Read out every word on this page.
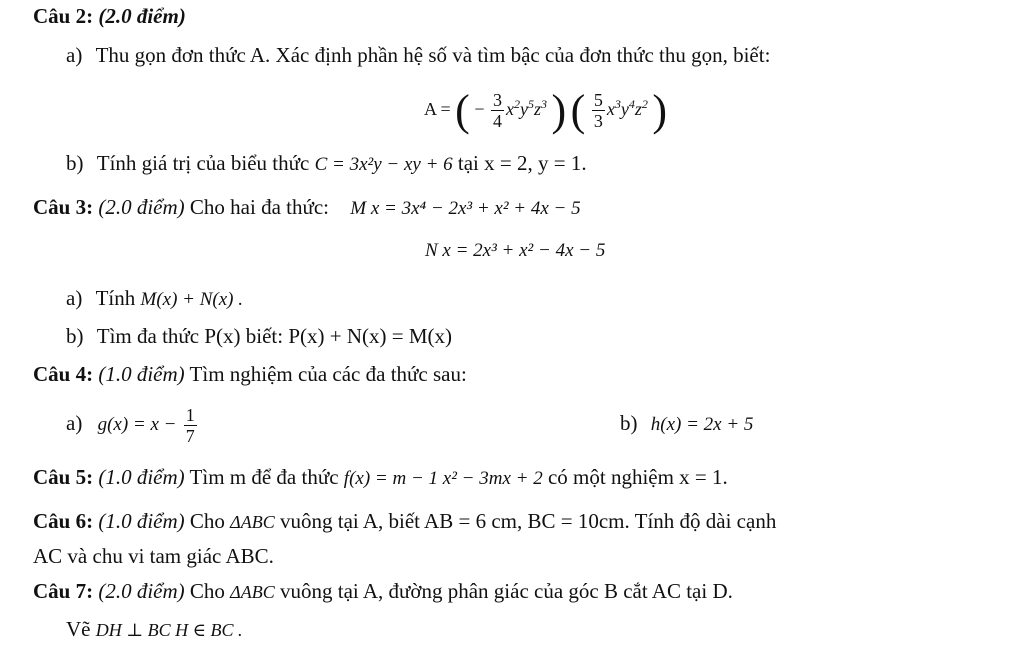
Câu 2: (2.0 điểm)
a) Thu gọn đơn thức A. Xác định phần hệ số và tìm bậc của đơn thức thu gọn, biết:
A = ( − $\frac{3}{4} x^2y^5z^3$ ) ( $\frac{5}{3} x^3y^4z^2$ )
b) Tính giá trị của biểu thức C = 3x²y − xy + 6 tại x = 2, y = 1.
Câu 3: (2.0 điểm) Cho hai đa thức: M x = 3x⁴ − 2x³ + x² + 4x − 5
N x = 2x³ + x² − 4x − 5
a) Tính M(x) + N(x) .
b) Tìm đa thức P(x) biết: P(x) + N(x) = M(x)
Câu 4: (1.0 điểm) Tìm nghiệm của các đa thức sau:
a) $g(x) = x - \frac{1}{7}$	b) h(x) = 2x + 5
Câu 5: (1.0 điểm) Tìm m để đa thức f(x) = m − 1 x² − 3mx + 2 có một nghiệm x = 1.
Câu 6: (1.0 điểm) Cho ΔABC vuông tại A, biết AB = 6 cm, BC = 10cm. Tính độ dài cạnh
AC và chu vi tam giác ABC.
Câu 7: (2.0 điểm) Cho ΔABC vuông tại A, đường phân giác của góc B cắt AC tại D.
Vẽ DH ⊥ BC H ∈ BC .
